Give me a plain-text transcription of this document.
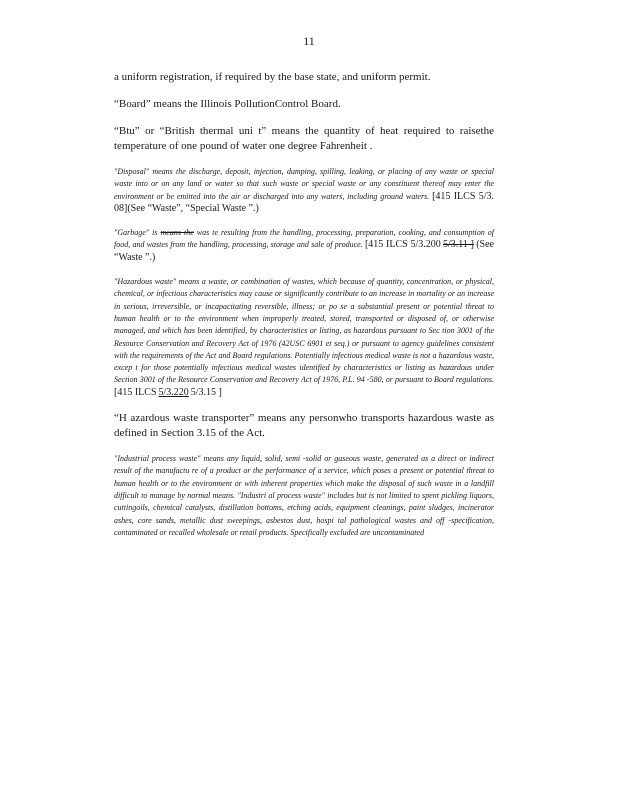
11

a uniform registration, if required by the base state, and uniform permit.

“Board” means the Illinois PollutionControl Board.

“Btu” or “British thermal uni t” means the quantity of heat required to raisethe temperature of one pound of water one degree Fahrenheit .

"Disposal" means the discharge, deposit, injection, dumping, spilling, leaking, or placing of any waste or special waste into or on any land or water so that such waste or special waste or any constituent thereof may enter the environment or be emitted into the air or discharged into any waters, including ground waters. [415 ILCS 5/3. 08](See “Waste”, “Special Waste ”.)

"Garbage" is means the was te resulting from the handling, processing, preparation, cooking, and consumption of food, and wastes from the handling, processing, storage and sale of produce. [415 ILCS 5/3.200 5/3.11 ] (See “Waste ”.)

"Hazardous waste" means a waste, or combination of wastes, which because of quantity, concentration, or physical, chemical, or infectious characteristics may cause or significantly contribute to an increase in mortality or an increase in serious, irreversible, or incapacitating reversible, illness; or po se a substantial present or potential threat to human health or to the environment when improperly treated, stored, transported or disposed of, or otherwise managed, and which has been identified, by characteristics or listing, as hazardous pursuant to Sec tion 3001 of the Resource Conservation and Recovery Act of 1976 (42USC 6901 et seq.) or pursuant to agency guidelines consistent with the requirements of the Act and Board regulations. Potentially infectious medical waste is not a hazardous waste, excep t for those potentially infectious medical wastes identified by characteristics or listing as hazardous under Section 3001 of the Resource Conservation and Recovery Act of 1976, P.L. 94 -580, or pursuant to Board regulations. [415 ILCS 5/3.220 5/3.15 ]

“H azardous waste transporter” means any personwho transports hazardous waste as defined in Section 3.15 of the Act.

"Industrial process waste" means any liquid, solid, semi -solid or gaseous waste, generated as a direct or indirect result of the manufactu re of a product or the performance of a service, which poses a present or potential threat to human health or to the environment or with inherent properties which make the disposal of such waste in a landfill difficult to manage by normal means. "Industri al process waste" includes but is not limited to spent pickling liquors, cuttingoils, chemical catalysts, distillation bottoms, etching acids, equipment cleanings, paint sludges, incinerator ashes, core sands, metallic dust sweepings, asbestos dust, hospi tal pathological wastes and off -specification, contaminated or recalled wholesale or retail products. Specifically excluded are uncontaminated
